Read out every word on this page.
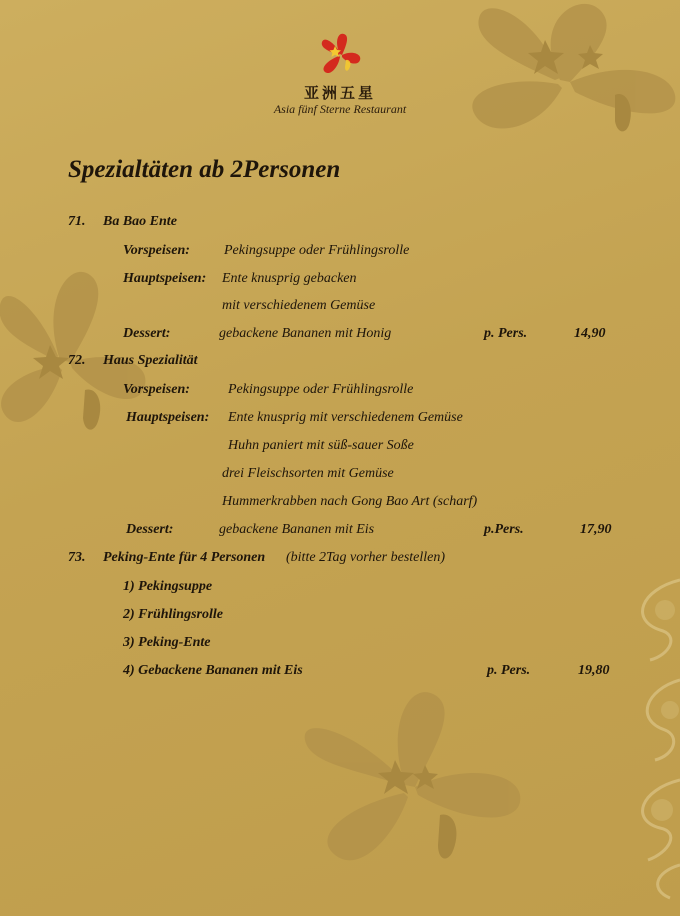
亚洲五星
Asia fünf Sterne Restaurant
Spezialtäten ab 2Personen
71. Ba Bao Ente
Vorspeisen: Pekingsuppe oder Frühlingsrolle
Hauptspeisen: Ente knusprig gebacken
mit verschiedenem Gemüse
Dessert:	gebackene Bananen mit Honig	p. Pers.	14,90
72. Haus Spezialität
Vorspeisen:	Pekingsuppe oder Frühlingsrolle
Hauptspeisen: Ente knusprig mit verschiedenem Gemüse
Huhn paniert mit süß-sauer Soße
drei Fleischsorten mit Gemüse
Hummerkrabben nach Gong Bao Art (scharf)
Dessert:	gebackene Bananen mit Eis	p.Pers.	17,90
73. Peking-Ente für 4 Personen (bitte 2Tag vorher bestellen)
1) Pekingsuppe
2) Frühlingsrolle
3) Peking-Ente
4) Gebackene Bananen mit Eis	p. Pers.	19,80
